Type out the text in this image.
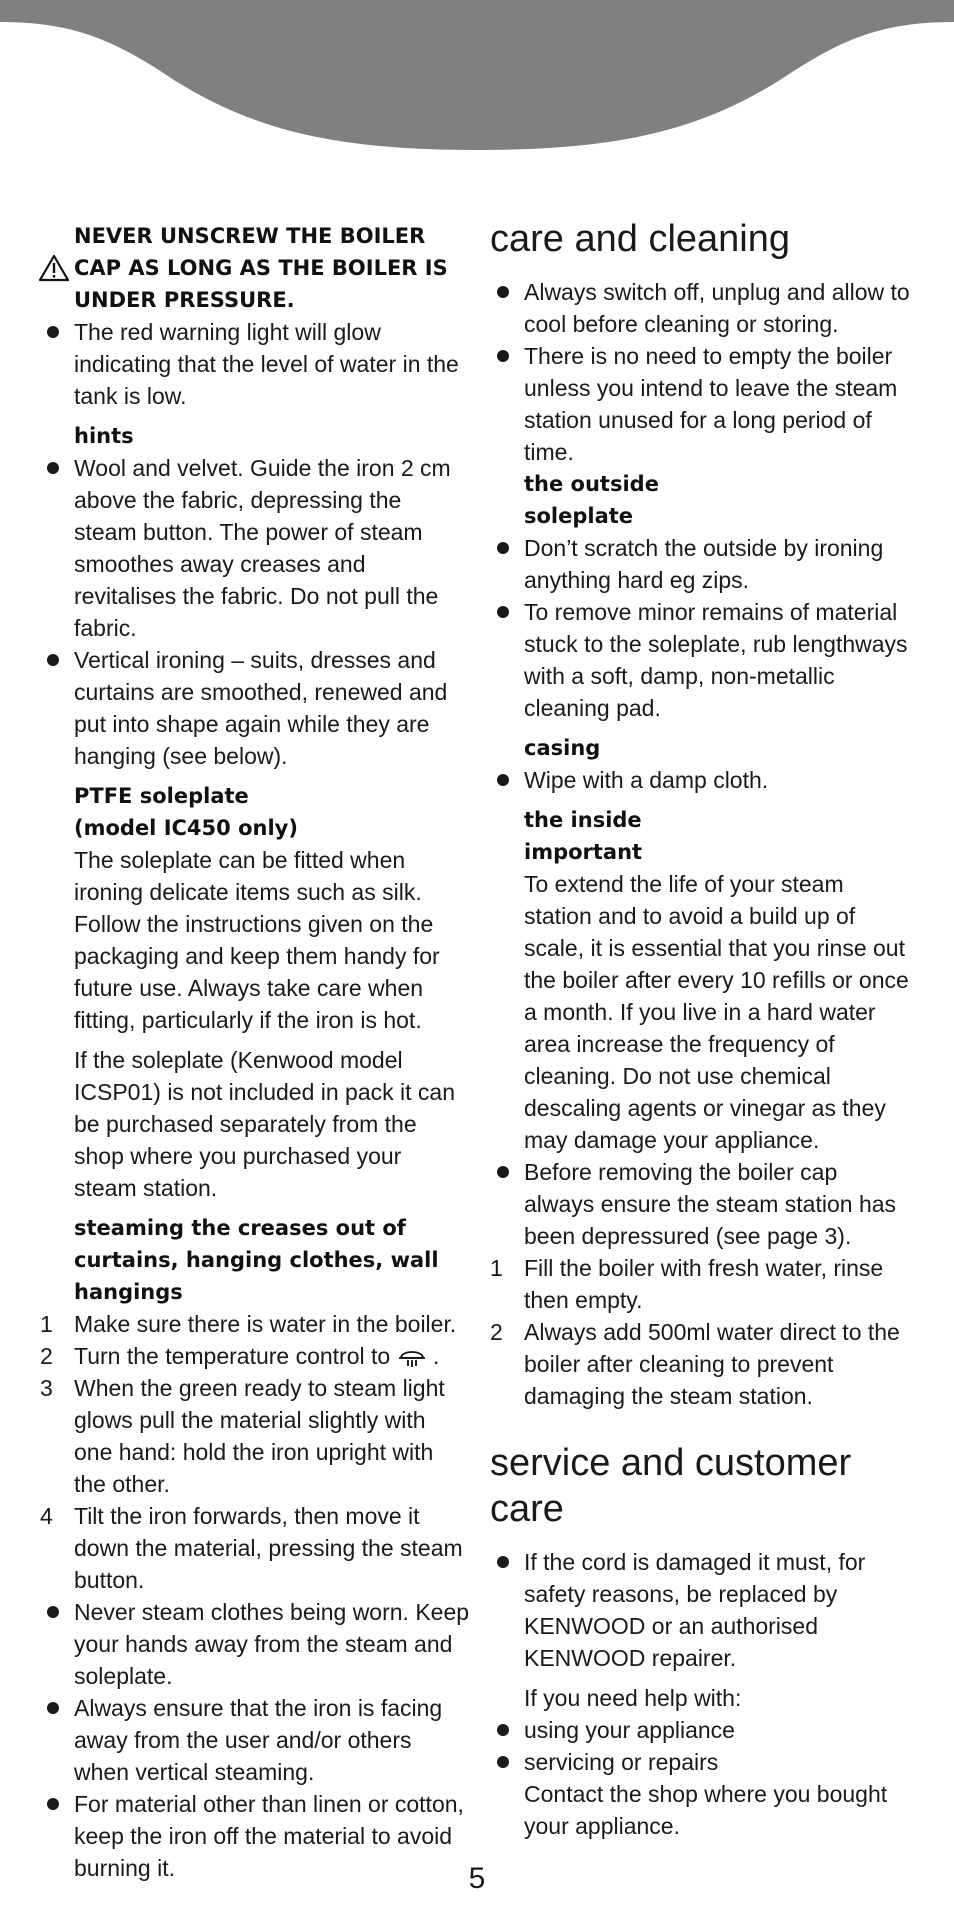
NEVER UNSCREW THE BOILER CAP AS LONG AS THE BOILER IS UNDER PRESSURE.
The red warning light will glow indicating that the level of water in the tank is low.
hints
Wool and velvet. Guide the iron 2 cm above the fabric, depressing the steam button. The power of steam smoothes away creases and revitalises the fabric. Do not pull the fabric.
Vertical ironing – suits, dresses and curtains are smoothed, renewed and put into shape again while they are hanging (see below).
PTFE soleplate
(model IC450 only)
The soleplate can be fitted when ironing delicate items such as silk. Follow the instructions given on the packaging and keep them handy for future use. Always take care when fitting, particularly if the iron is hot.
If the soleplate (Kenwood model ICSP01) is not included in pack it can be purchased separately from the shop where you purchased your steam station.
steaming the creases out of curtains, hanging clothes, wall hangings
1 Make sure there is water in the boiler.
2 Turn the temperature control to  .
3 When the green ready to steam light glows pull the material slightly with one hand: hold the iron upright with the other.
4 Tilt the iron forwards, then move it down the material, pressing the steam button.
Never steam clothes being worn. Keep your hands away from the steam and soleplate.
Always ensure that the iron is facing away from the user and/or others when vertical steaming.
For material other than linen or cotton, keep the iron off the material to avoid burning it.
care and cleaning
Always switch off, unplug and allow to cool before cleaning or storing.
There is no need to empty the boiler unless you intend to leave the steam station unused for a long period of time.
the outside
soleplate
Don’t scratch the outside by ironing anything hard eg zips.
To remove minor remains of material stuck to the soleplate, rub lengthways with a soft, damp, non-metallic cleaning pad.
casing
Wipe with a damp cloth.
the inside
important
To extend the life of your steam station and to avoid a build up of scale, it is essential that you rinse out the boiler after every 10 refills or once a month. If you live in a hard water area increase the frequency of cleaning. Do not use chemical descaling agents or vinegar as they may damage your appliance.
Before removing the boiler cap always ensure the steam station has been depressured (see page 3).
1 Fill the boiler with fresh water, rinse then empty.
2 Always add 500ml water direct to the boiler after cleaning to prevent damaging the steam station.
service and customer care
If the cord is damaged it must, for safety reasons, be replaced by KENWOOD or an authorised KENWOOD repairer.
If you need help with:
using your appliance
servicing or repairs
Contact the shop where you bought your appliance.
5
